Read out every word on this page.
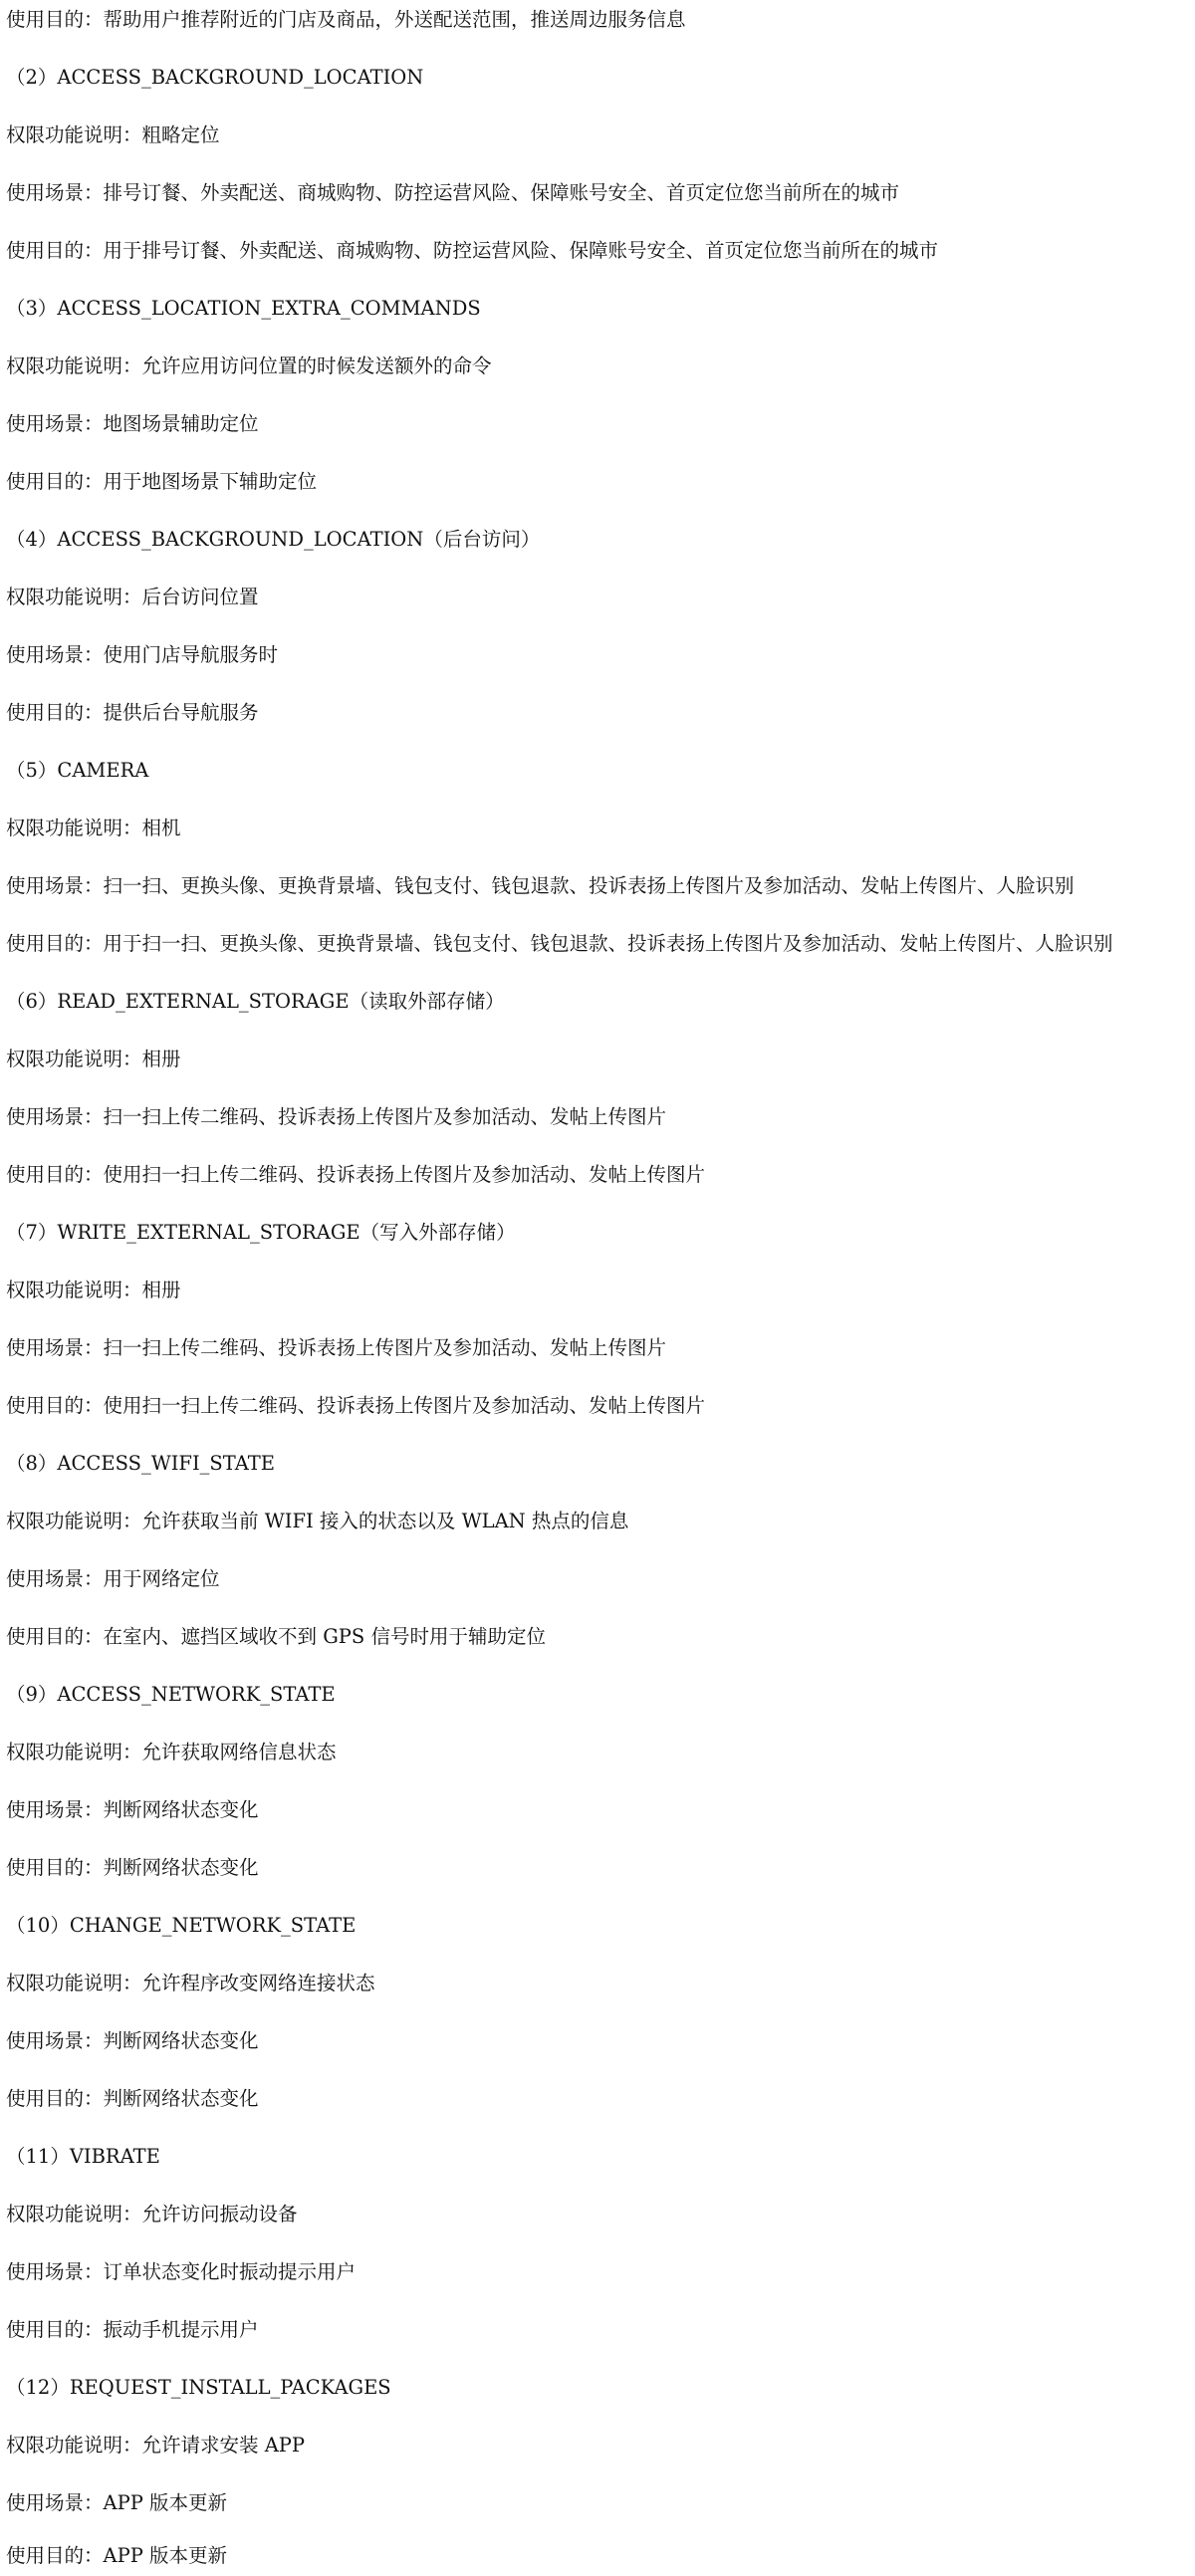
使用目的：帮助用户推荐附近的门店及商品，外送配送范围，推送周边服务信息
（2）ACCESS_BACKGROUND_LOCATION
权限功能说明：粗略定位
使用场景：排号订餐、外卖配送、商城购物、防控运营风险、保障账号安全、首页定位您当前所在的城市
使用目的：用于排号订餐、外卖配送、商城购物、防控运营风险、保障账号安全、首页定位您当前所在的城市
（3）ACCESS_LOCATION_EXTRA_COMMANDS
权限功能说明：允许应用访问位置的时候发送额外的命令
使用场景：地图场景辅助定位
使用目的：用于地图场景下辅助定位
（4）ACCESS_BACKGROUND_LOCATION（后台访问）
权限功能说明：后台访问位置
使用场景：使用门店导航服务时
使用目的：提供后台导航服务
（5）CAMERA
权限功能说明：相机
使用场景：扫一扫、更换头像、更换背景墙、钱包支付、钱包退款、投诉表扬上传图片及参加活动、发帖上传图片、人脸识别
使用目的：用于扫一扫、更换头像、更换背景墙、钱包支付、钱包退款、投诉表扬上传图片及参加活动、发帖上传图片、人脸识别
（6）READ_EXTERNAL_STORAGE（读取外部存储）
权限功能说明：相册
使用场景：扫一扫上传二维码、投诉表扬上传图片及参加活动、发帖上传图片
使用目的：使用扫一扫上传二维码、投诉表扬上传图片及参加活动、发帖上传图片
（7）WRITE_EXTERNAL_STORAGE（写入外部存储）
权限功能说明：相册
使用场景：扫一扫上传二维码、投诉表扬上传图片及参加活动、发帖上传图片
使用目的：使用扫一扫上传二维码、投诉表扬上传图片及参加活动、发帖上传图片
（8）ACCESS_WIFI_STATE
权限功能说明：允许获取当前 WIFI 接入的状态以及 WLAN 热点的信息
使用场景：用于网络定位
使用目的：在室内、遮挡区域收不到 GPS 信号时用于辅助定位
（9）ACCESS_NETWORK_STATE
权限功能说明：允许获取网络信息状态
使用场景：判断网络状态变化
使用目的：判断网络状态变化
（10）CHANGE_NETWORK_STATE
权限功能说明：允许程序改变网络连接状态
使用场景：判断网络状态变化
使用目的：判断网络状态变化
（11）VIBRATE
权限功能说明：允许访问振动设备
使用场景：订单状态变化时振动提示用户
使用目的：振动手机提示用户
（12）REQUEST_INSTALL_PACKAGES
权限功能说明：允许请求安装 APP
使用场景：APP 版本更新
使用目的：APP 版本更新
